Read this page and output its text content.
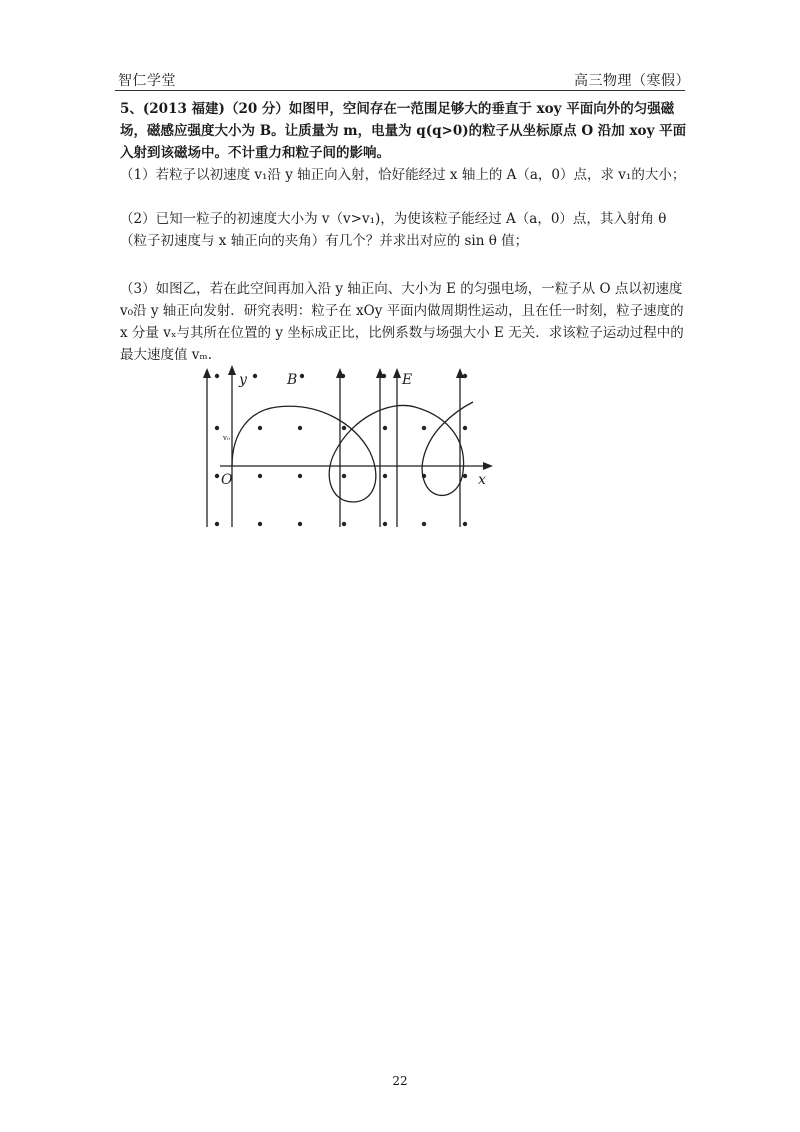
智仁学堂	高三物理（寒假）

5、(2013 福建)（20 分）如图甲，空间存在一范围足够大的垂直于 xoy 平面向外的匀强磁场，磁感应强度大小为 B。让质量为 m，电量为 q(q>0)的粒子从坐标原点 O 沿加 xoy 平面入射到该磁场中。不计重力和粒子间的影响。

（1）若粒子以初速度 v₁沿 y 轴正向入射，恰好能经过 x 轴上的 A（a，0）点，求 v₁的大小；

（2）已知一粒子的初速度大小为 v（v>v₁)，为使该粒子能经过 A（a，0）点，其入射角 θ（粒子初速度与 x 轴正向的夹角）有几个？并求出对应的 sin θ 值；

（3）如图乙，若在此空间再加入沿 y 轴正向、大小为 E 的匀强电场，一粒子从 O 点以初速度 v₀沿 y 轴正向发射．研究表明：粒子在 xOy 平面内做周期性运动，且在任一时刻，粒子速度的 x 分量 vₓ与其所在位置的 y 坐标成正比，比例系数与场强大小 E 无关．求该粒子运动过程中的最大速度值 vₘ.

y	B	E
O	x
v₀
22
